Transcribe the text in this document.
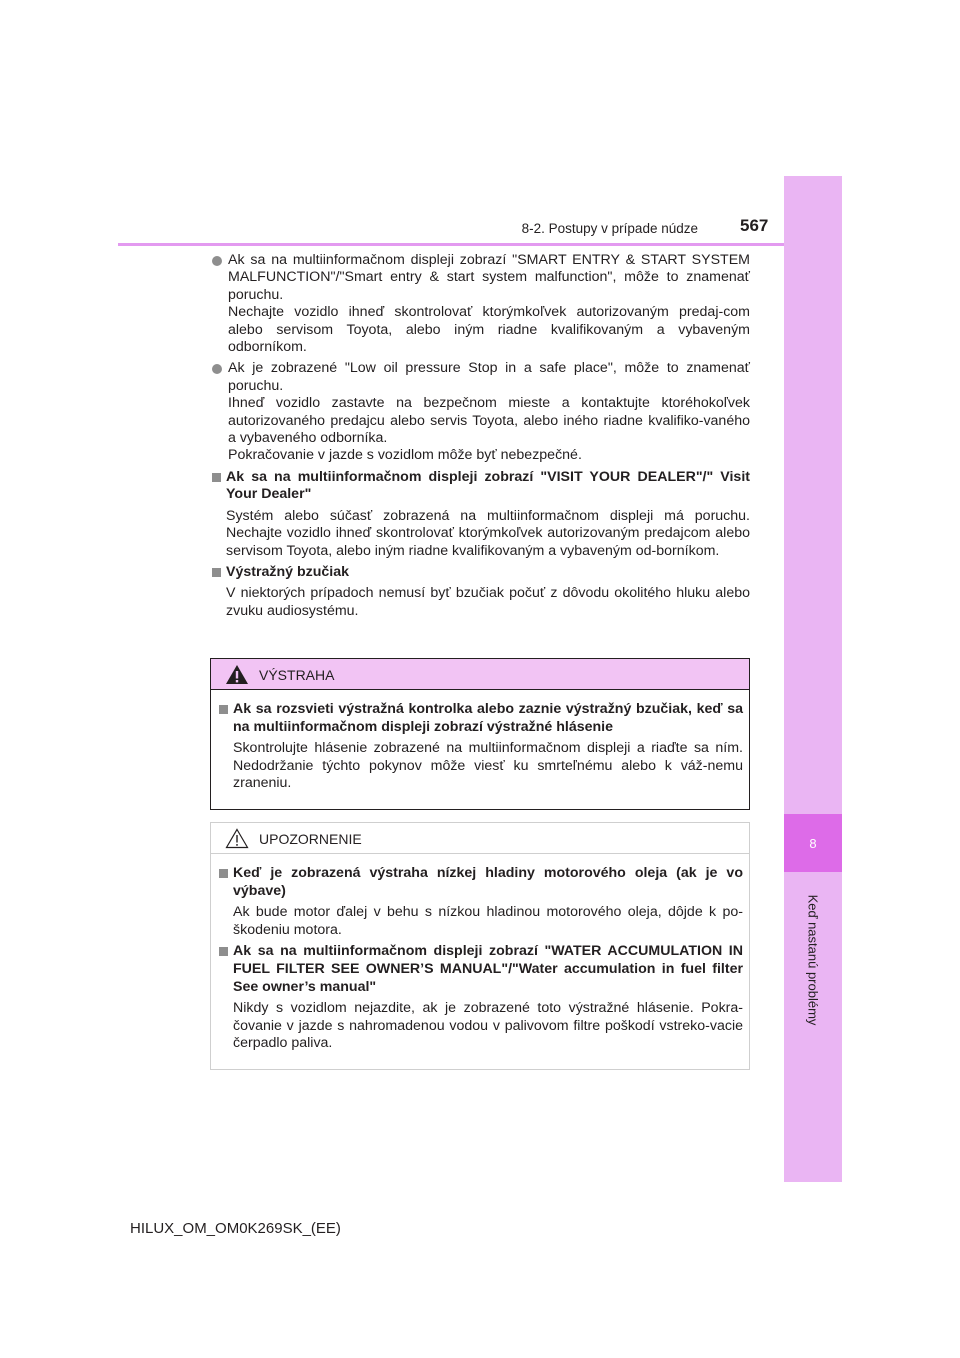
8
Keď nastanú problémy
8-2. Postupy v prípade núdze 567
Ak sa na multiinformačnom displeji zobrazí "SMART ENTRY & START SYSTEM MALFUNCTION"/"Smart entry & start system malfunction", môže to znamenať poruchu.
Nechajte vozidlo ihneď skontrolovať ktorýmkoľvek autorizovaným predaj-com alebo servisom Toyota, alebo iným riadne kvalifikovaným a vybaveným odborníkom.
Ak je zobrazené "Low oil pressure Stop in a safe place", môže to znamenať poruchu.
Ihneď vozidlo zastavte na bezpečnom mieste a kontaktujte ktoréhokoľvek autorizovaného predajcu alebo servis Toyota, alebo iného riadne kvalifiko-vaného a vybaveného odborníka.
Pokračovanie v jazde s vozidlom môže byť nebezpečné.
Ak sa na multiinformačnom displeji zobrazí "VISIT YOUR DEALER"/" Visit Your Dealer"
Systém alebo súčasť zobrazená na multiinformačnom displeji má poruchu. Nechajte vozidlo ihneď skontrolovať ktorýmkoľvek autorizovaným predajcom alebo servisom Toyota, alebo iným riadne kvalifikovaným a vybaveným od-borníkom.
Výstražný bzučiak
V niektorých prípadoch nemusí byť bzučiak počuť z dôvodu okolitého hluku alebo zvuku audiosystému.
VÝSTRAHA
Ak sa rozsvieti výstražná kontrolka alebo zaznie výstražný bzučiak, keď sa na multiinformačnom displeji zobrazí výstražné hlásenie
Skontrolujte hlásenie zobrazené na multiinformačnom displeji a riaďte sa ním. Nedodržanie týchto pokynov môže viesť ku smrteľnému alebo k váž-nemu zraneniu.
UPOZORNENIE
Keď je zobrazená výstraha nízkej hladiny motorového oleja (ak je vo výbave)
Ak bude motor ďalej v behu s nízkou hladinou motorového oleja, dôjde k po-škodeniu motora.
Ak sa na multiinformačnom displeji zobrazí "WATER ACCUMULATION IN FUEL FILTER SEE OWNER’S MANUAL"/"Water accumulation in fuel filter See owner’s manual"
Nikdy s vozidlom nejazdite, ak je zobrazené toto výstražné hlásenie. Pokra-čovanie v jazde s nahromadenou vodou v palivovom filtre poškodí vstreko-vacie čerpadlo paliva.
HILUX_OM_OM0K269SK_(EE)
